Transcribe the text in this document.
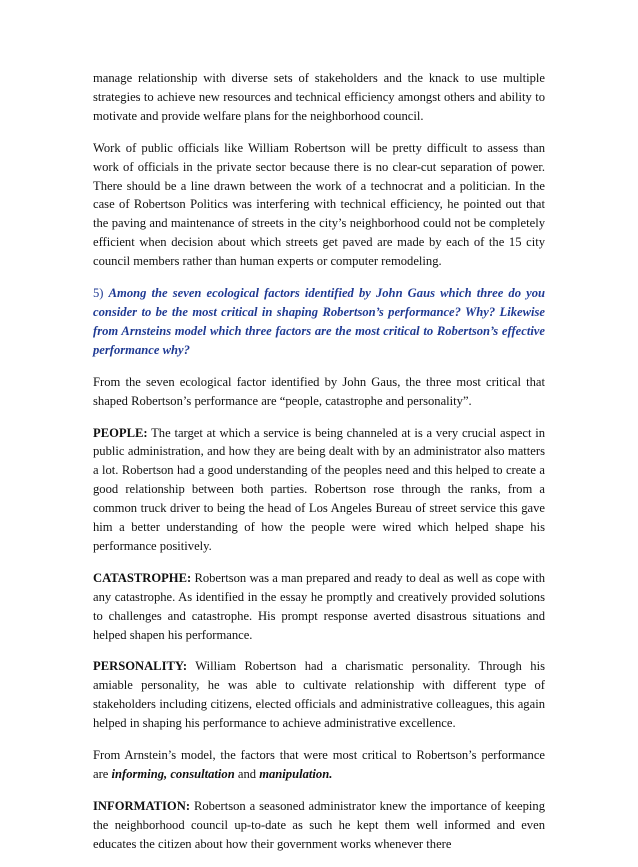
manage relationship with diverse sets of stakeholders and the knack to use multiple strategies to achieve new resources and technical efficiency amongst others and ability to motivate and provide welfare plans for the neighborhood council.

Work of public officials like William Robertson will be pretty difficult to assess than work of officials in the private sector because there is no clear-cut separation of power. There should be a line drawn between the work of a technocrat and a politician. In the case of Robertson Politics was interfering with technical efficiency, he pointed out that the paving and maintenance of streets in the city’s neighborhood could not be completely efficient when decision about which streets get paved are made by each of the 15 city council members rather than human experts or computer remodeling.

5) Among the seven ecological factors identified by John Gaus which three do you consider to be the most critical in shaping Robertson’s performance? Why? Likewise from Arnsteins model which three factors are the most critical to Robertson’s effective performance why?

From the seven ecological factor identified by John Gaus, the three most critical that shaped Robertson’s performance are “people, catastrophe and personality”.

PEOPLE: The target at which a service is being channeled at is a very crucial aspect in public administration, and how they are being dealt with by an administrator also matters a lot. Robertson had a good understanding of the peoples need and this helped to create a good relationship between both parties. Robertson rose through the ranks, from a common truck driver to being the head of Los Angeles Bureau of street service this gave him a better understanding of how the people were wired which helped shape his performance positively.

CATASTROPHE: Robertson was a man prepared and ready to deal as well as cope with any catastrophe. As identified in the essay he promptly and creatively provided solutions to challenges and catastrophe. His prompt response averted disastrous situations and helped shapen his performance.

PERSONALITY: William Robertson had a charismatic personality. Through his amiable personality, he was able to cultivate relationship with different type of stakeholders including citizens, elected officials and administrative colleagues, this again helped in shaping his performance to achieve administrative excellence.

From Arnstein’s model, the factors that were most critical to Robertson’s performance are informing, consultation and manipulation.

INFORMATION: Robertson a seasoned administrator knew the importance of keeping the neighborhood council up-to-date as such he kept them well informed and even educates the citizen about how their government works whenever there
